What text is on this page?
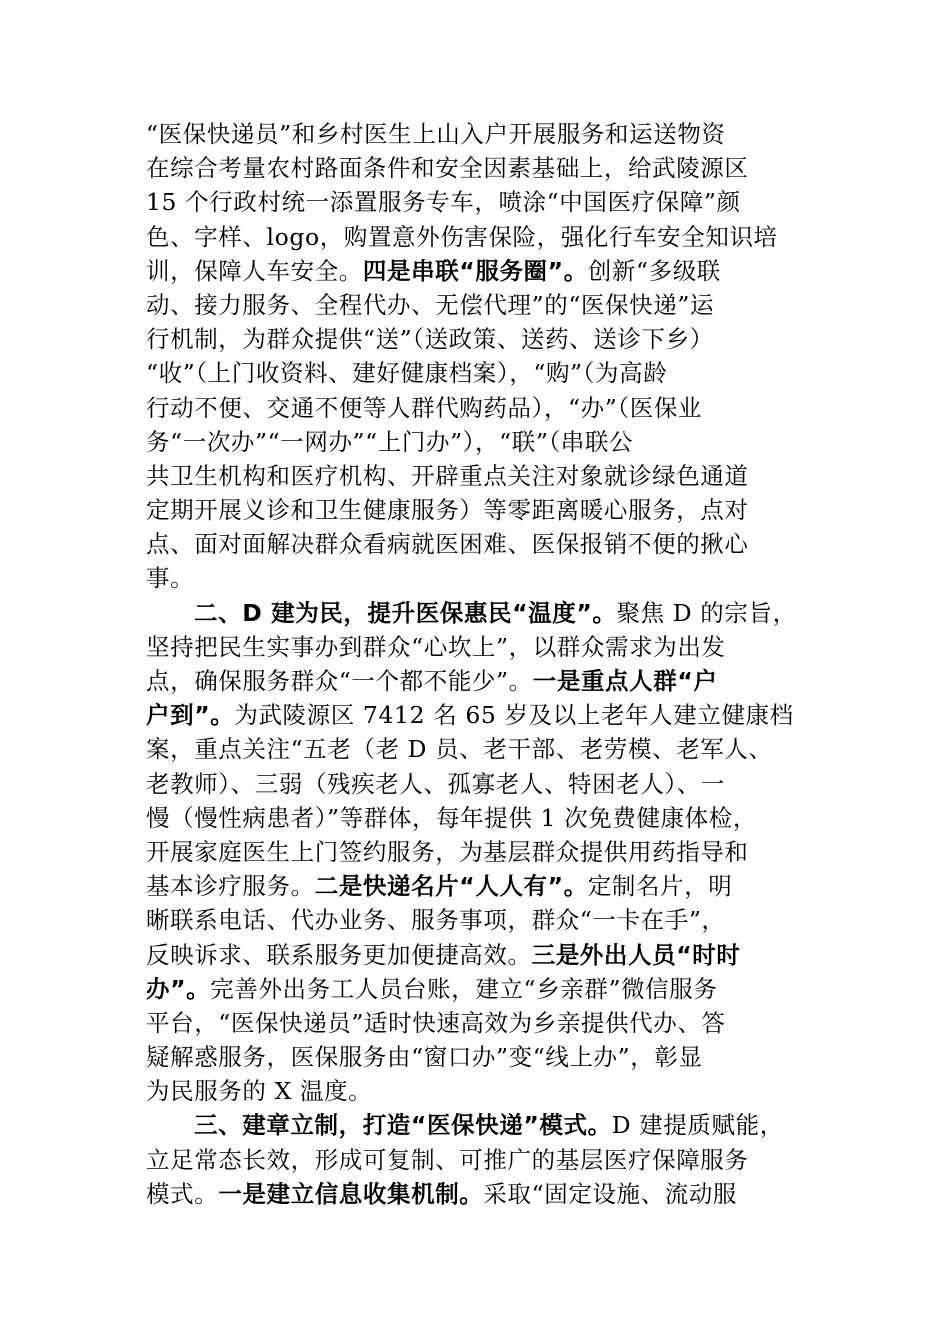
“医保快递员”和乡村医生上山入户开展服务和运送物资
在综合考量农村路面条件和安全因素基础上，给武陵源区
15 个行政村统一添置服务专车，喷涂“中国医疗保障”颜
色、字样、logo，购置意外伤害保险，强化行车安全知识培
训，保障人车安全。四是串联“服务圈”。创新“多级联
动、接力服务、全程代办、无偿代理”的“医保快递”运
行机制，为群众提供“送”（送政策、送药、送诊下乡）
“收”（上门收资料、建好健康档案），“购”（为高龄
行动不便、交通不便等人群代购药品），“办”（医保业
务“一次办”“一网办”“上门办”），“联”（串联公
共卫生机构和医疗机构、开辟重点关注对象就诊绿色通道
定期开展义诊和卫生健康服务）等零距离暖心服务，点对
点、面对面解决群众看病就医困难、医保报销不便的揪心
事。
二、D 建为民，提升医保惠民“温度”。聚焦 D 的宗旨，
坚持把民生实事办到群众“心坎上”，以群众需求为出发
点，确保服务群众“一个都不能少”。一是重点人群“户
户到”。为武陵源区 7412 名 65 岁及以上老年人建立健康档
案，重点关注“五老（老 D 员、老干部、老劳模、老军人、
老教师）、三弱（残疾老人、孤寡老人、特困老人）、一
慢（慢性病患者）”等群体，每年提供 1 次免费健康体检，
开展家庭医生上门签约服务，为基层群众提供用药指导和
基本诊疗服务。二是快递名片“人人有”。定制名片，明
晰联系电话、代办业务、服务事项，群众“一卡在手”，
反映诉求、联系服务更加便捷高效。三是外出人员“时时
办”。完善外出务工人员台账，建立“乡亲群”微信服务
平台，“医保快递员”适时快速高效为乡亲提供代办、答
疑解惑服务，医保服务由“窗口办”变“线上办”，彰显
为民服务的 X 温度。
三、建章立制，打造“医保快递”模式。D 建提质赋能，
立足常态长效，形成可复制、可推广的基层医疗保障服务
模式。一是建立信息收集机制。采取“固定设施、流动服
